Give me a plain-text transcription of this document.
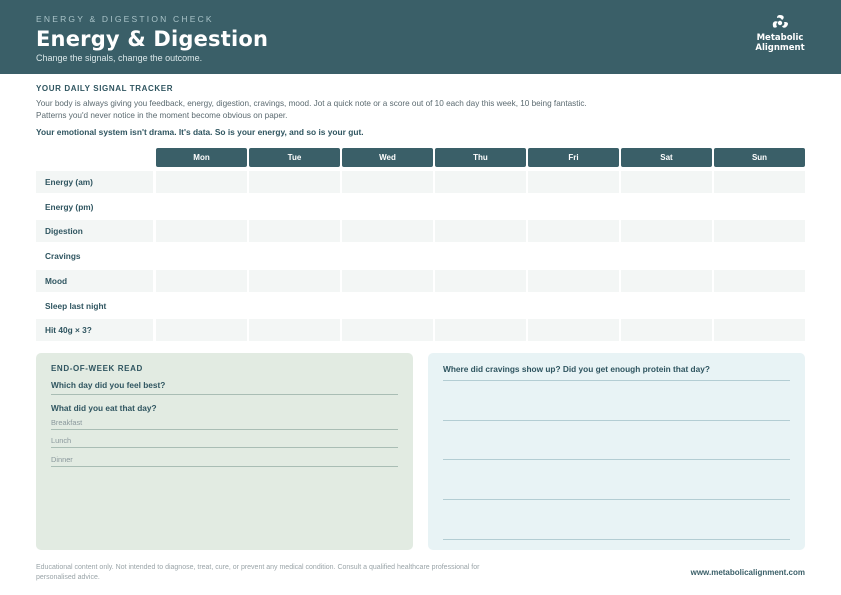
ENERGY & DIGESTION CHECK
Energy & Digestion
Change the signals, change the outcome.
Metabolic
Alignment
YOUR DAILY SIGNAL TRACKER
Your body is always giving you feedback, energy, digestion, cravings, mood. Jot a quick note or a score out of 10 each day this week, 10 being fantastic.
Patterns you'd never notice in the moment become obvious on paper.
Your emotional system isn't drama. It's data. So is your energy, and so is your gut.
Mon	Tue	Wed	Thu	Fri	Sat	Sun
Energy (am)
Energy (pm)
Digestion
Cravings
Mood
Sleep last night
Hit 40g × 3?
END-OF-WEEK READ
Which day did you feel best?
What did you eat that day?
Breakfast
Lunch
Dinner
Where did cravings show up? Did you get enough protein that day?
Educational content only. Not intended to diagnose, treat, cure, or prevent any medical condition. Consult a qualified healthcare professional for personalised advice.	www.metabolicalignment.com
